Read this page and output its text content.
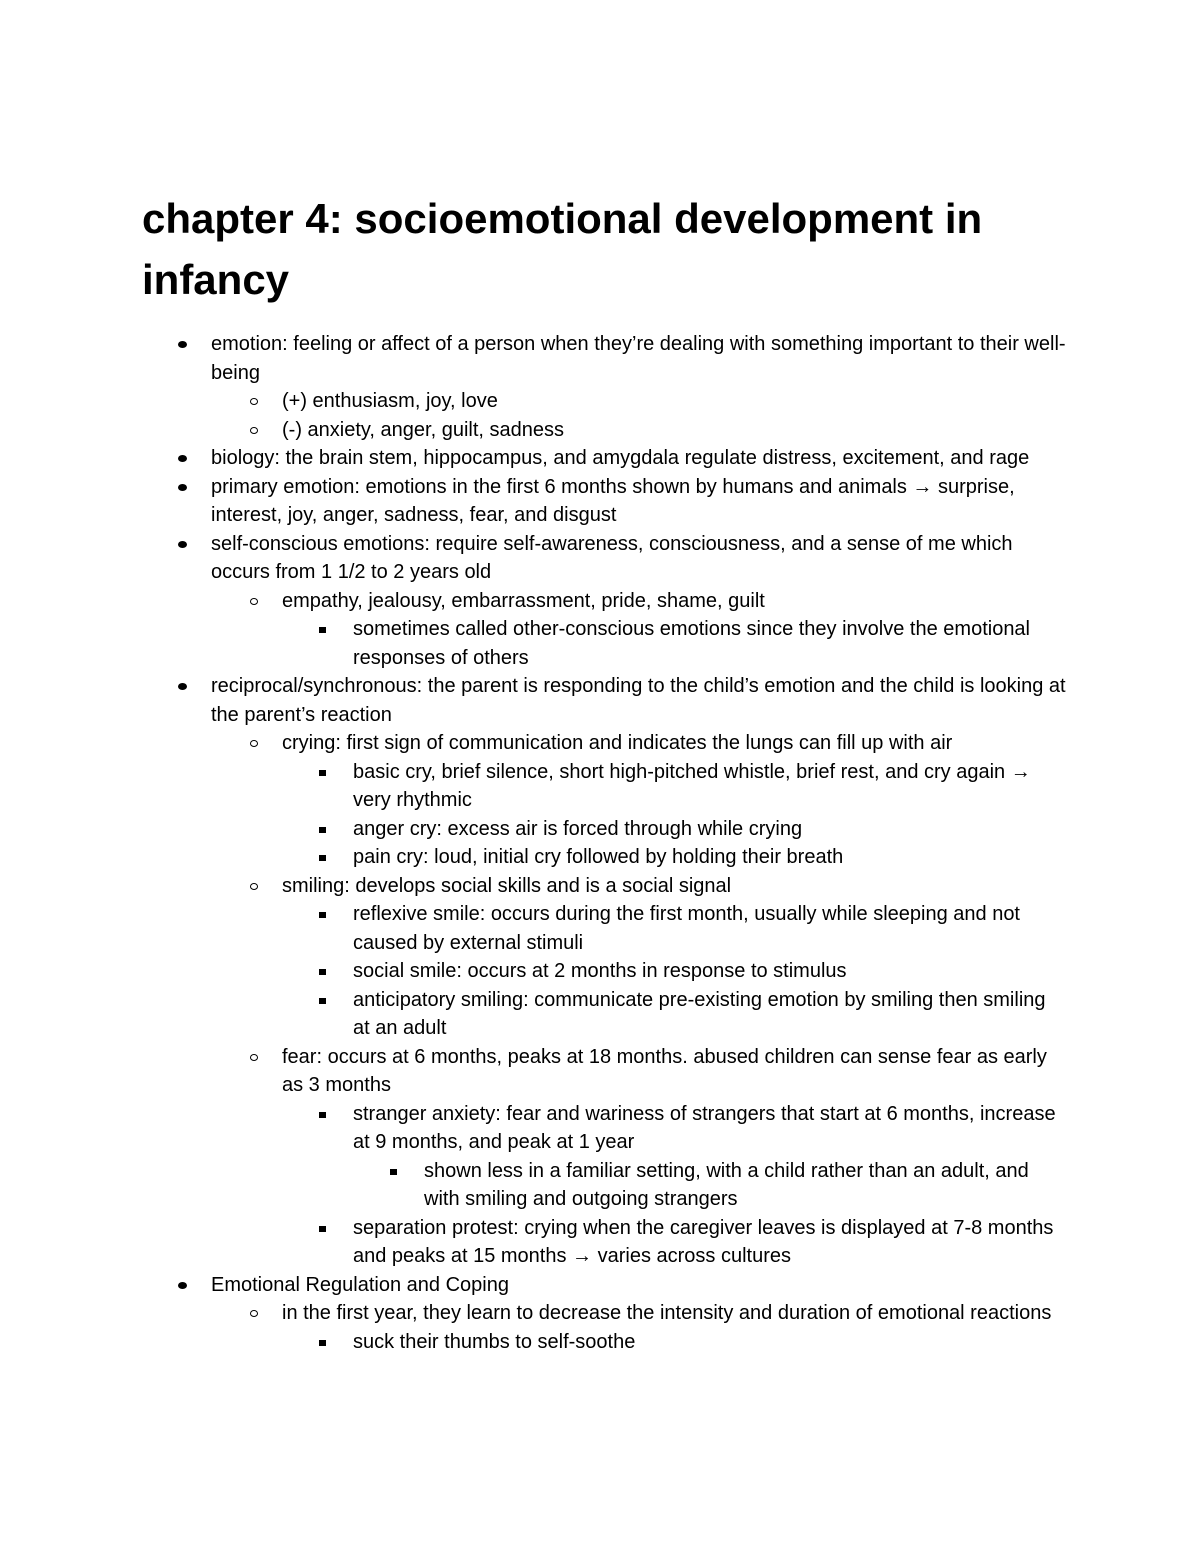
chapter 4: socioemotional development in infancy
emotion: feeling or affect of a person when they’re dealing with something important to their well-being
(+) enthusiasm, joy, love
(-) anxiety, anger, guilt, sadness
biology: the brain stem, hippocampus, and amygdala regulate distress, excitement, and rage
primary emotion: emotions in the first 6 months shown by humans and animals → surprise, interest, joy, anger, sadness, fear, and disgust
self-conscious emotions: require self-awareness, consciousness, and a sense of me which occurs from 1 1/2 to 2 years old
empathy, jealousy, embarrassment, pride, shame, guilt
sometimes called other-conscious emotions since they involve the emotional responses of others
reciprocal/synchronous: the parent is responding to the child’s emotion and the child is looking at the parent’s reaction
crying: first sign of communication and indicates the lungs can fill up with air
basic cry, brief silence, short high-pitched whistle, brief rest, and cry again → very rhythmic
anger cry: excess air is forced through while crying
pain cry: loud, initial cry followed by holding their breath
smiling: develops social skills and is a social signal
reflexive smile: occurs during the first month, usually while sleeping and not caused by external stimuli
social smile: occurs at 2 months in response to stimulus
anticipatory smiling: communicate pre-existing emotion by smiling then smiling at an adult
fear: occurs at 6 months, peaks at 18 months. abused children can sense fear as early as 3 months
stranger anxiety: fear and wariness of strangers that start at 6 months, increase at 9 months, and peak at 1 year
shown less in a familiar setting, with a child rather than an adult, and with smiling and outgoing strangers
separation protest: crying when the caregiver leaves is displayed at 7-8 months and peaks at 15 months → varies across cultures
Emotional Regulation and Coping
in the first year, they learn to decrease the intensity and duration of emotional reactions
suck their thumbs to self-soothe
